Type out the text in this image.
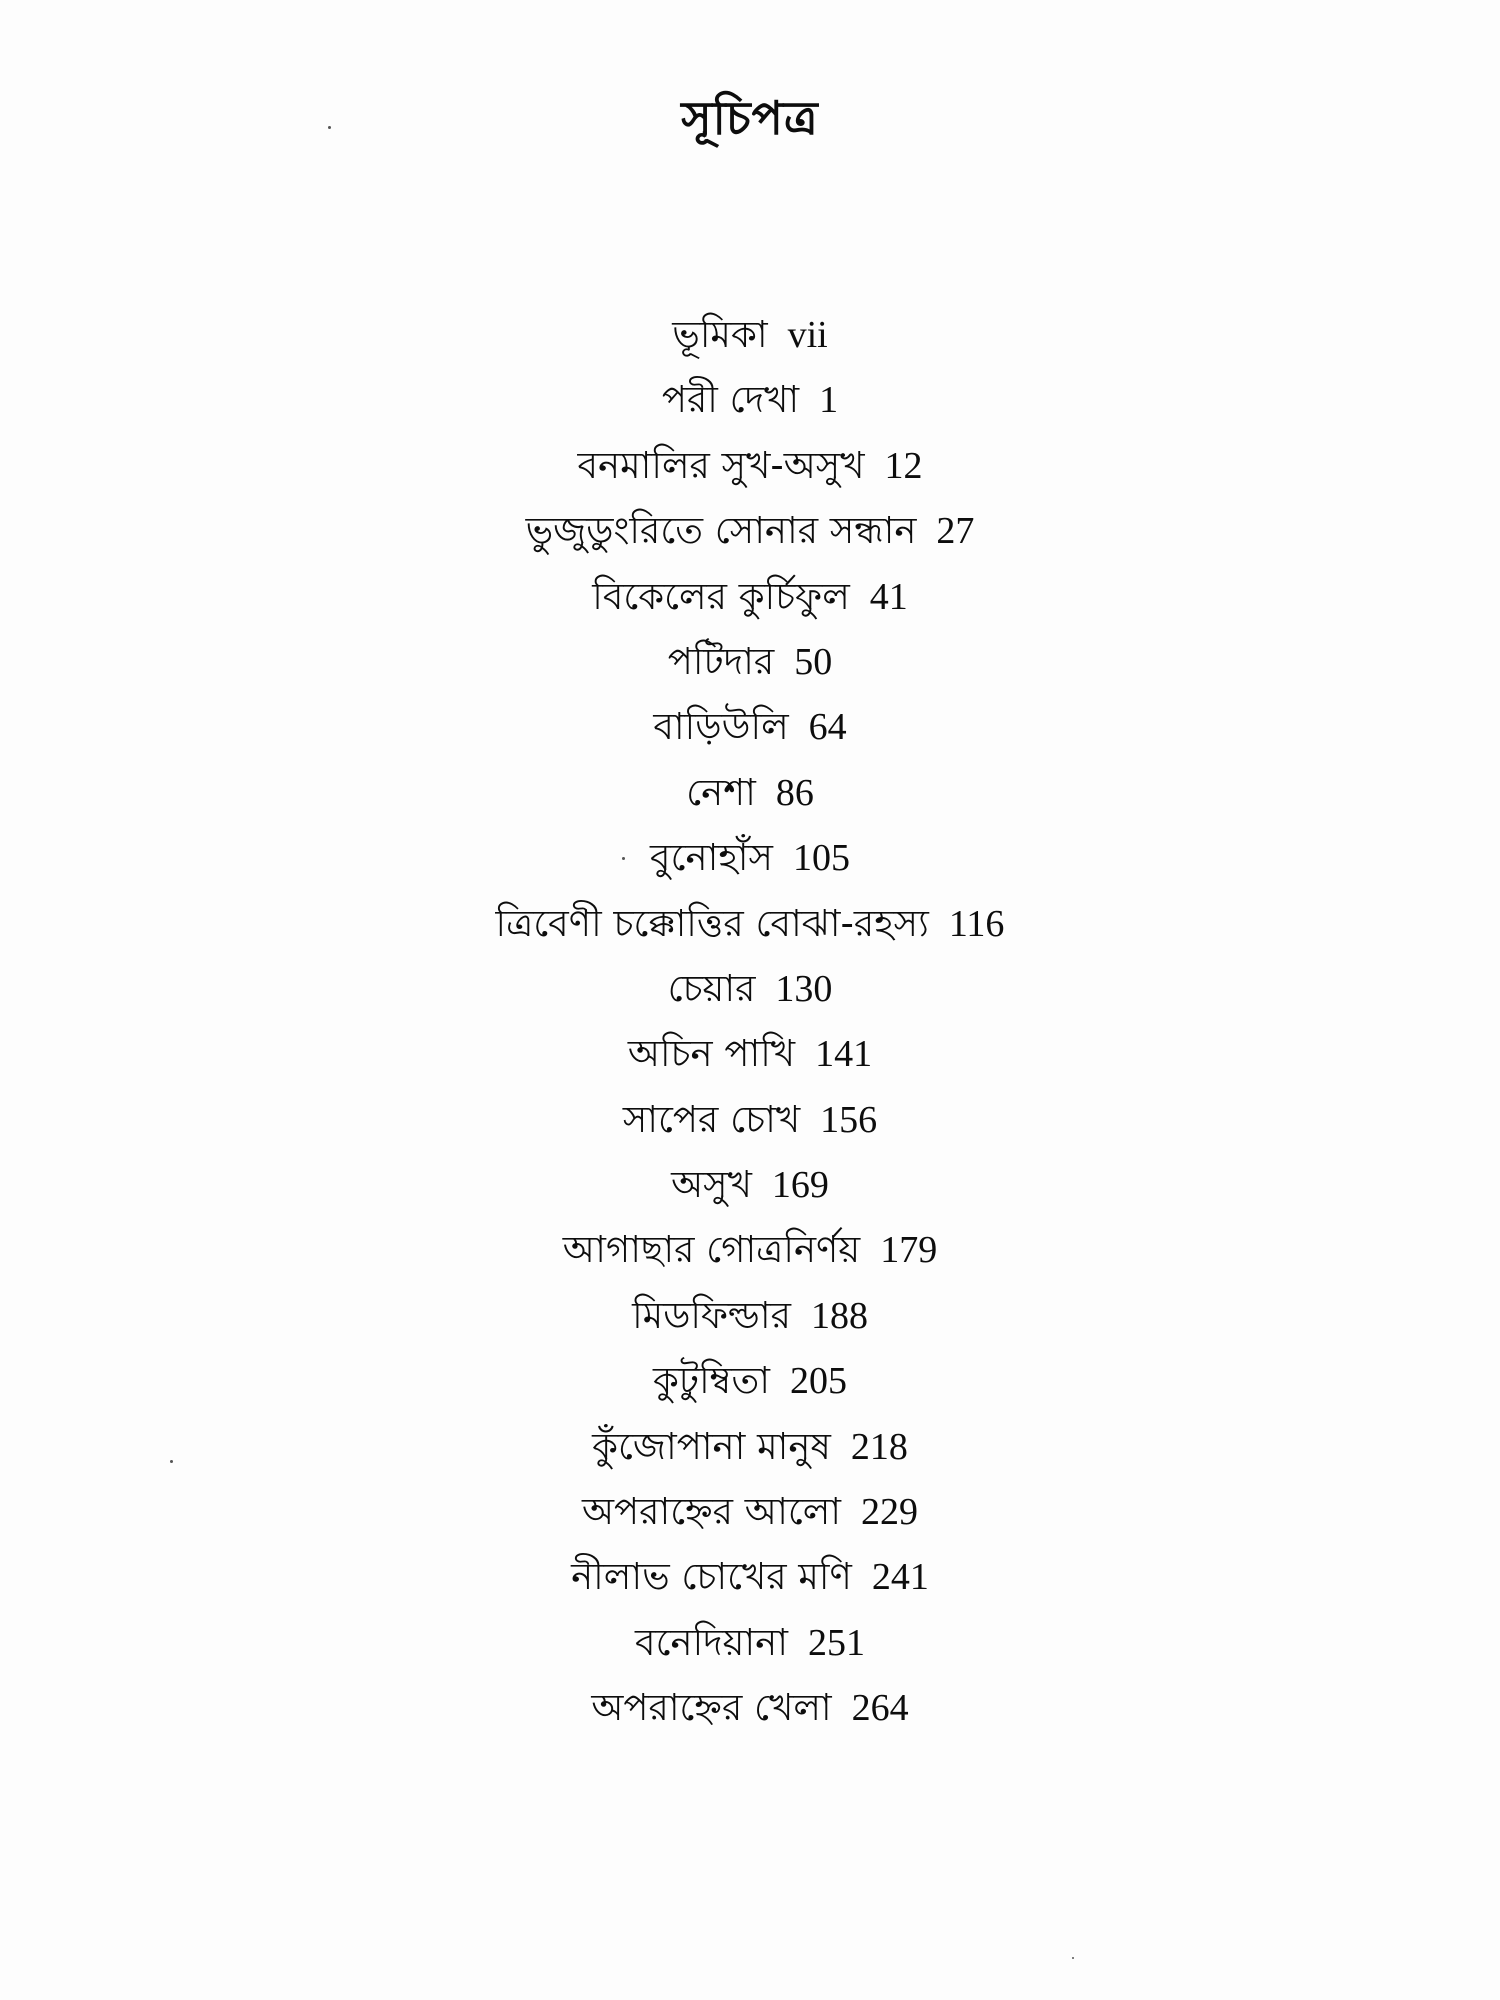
সূচিপত্র
ভূমিকা vii
পরী দেখা 1
বনমালির সুখ-অসুখ 12
ভুজুডুংরিতে সোনার সন্ধান 27
বিকেলের কুর্চিফুল 41
পটিদার 50
বাড়িউলি 64
নেশা 86
বুনোহাঁস 105
ত্রিবেণী চক্কোত্তির বোঝা-রহস্য 116
চেয়ার 130
অচিন পাখি 141
সাপের চোখ 156
অসুখ 169
আগাছার গোত্রনির্ণয় 179
মিডফিল্ডার 188
কুটুম্বিতা 205
কুঁজোপানা মানুষ 218
অপরাহ্নের আলো 229
নীলাভ চোখের মণি 241
বনেদিয়ানা 251
অপরাহ্নের খেলা 264
